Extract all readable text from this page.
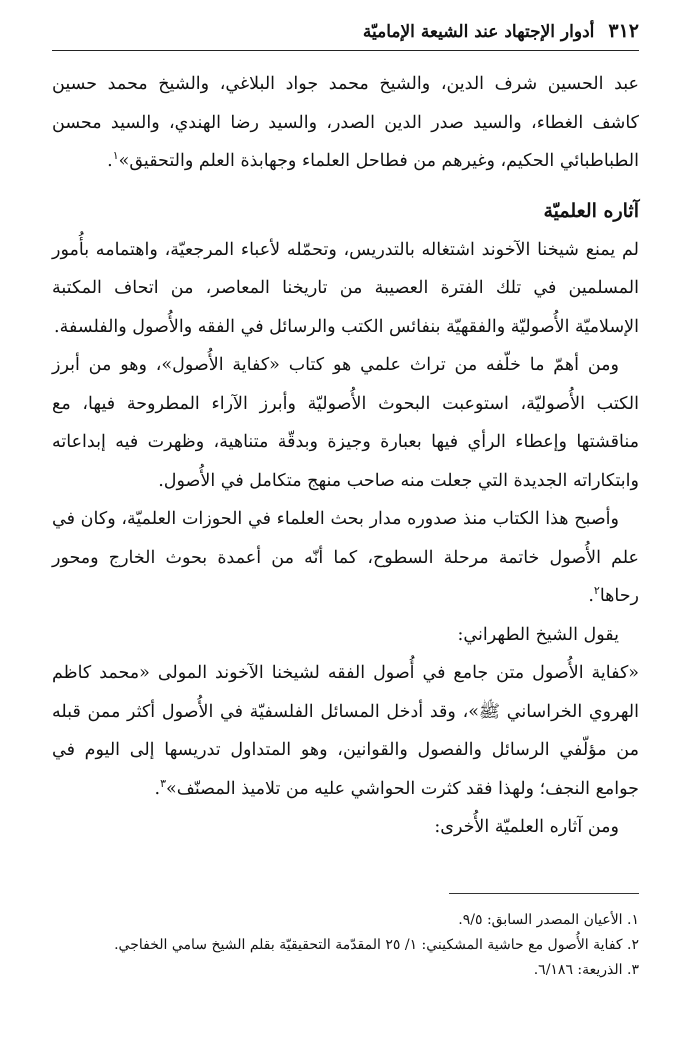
٣١٢
أدوار الإجتهاد عند الشيعة الإماميّة

عبد الحسين شرف الدين، والشيخ محمد جواد البلاغي، والشيخ محمد حسين كاشف الغطاء، والسيد صدر الدين الصدر، والسيد رضا الهندي، والسيد محسن الطباطبائي الحكيم، وغيرهم من فطاحل العلماء وجهابذة العلم والتحقيق»$^١$.

آثاره العلميّة

لم يمنع شيخنا الآخوند اشتغاله بالتدريس، وتحمّله لأعباء المرجعيّة، واهتمامه بأُمور المسلمين في تلك الفترة العصيبة من تاريخنا المعاصر، من اتحاف المكتبة الإسلاميّة الأُصوليّة والفقهيّة بنفائس الكتب والرسائل في الفقه والأُصول والفلسفة.

ومن أهمّ ما خلّفه من تراث علمي هو كتاب «كفاية الأُصول»، وهو من أبرز الكتب الأُصوليّة، استوعبت البحوث الأُصوليّة وأبرز الآراء المطروحة فيها، مع مناقشتها وإعطاء الرأي فيها بعبارة وجيزة وبدقّة متناهية، وظهرت فيه إبداعاته وابتكاراته الجديدة التي جعلت منه صاحب منهج متكامل في الأُصول.

وأصبح هذا الكتاب منذ صدوره مدار بحث العلماء في الحوزات العلميّة، وكان في علم الأُصول خاتمة مرحلة السطوح، كما أنّه من أعمدة بحوث الخارج ومحور رحاها$^٢$.

يقول الشيخ الطهراني:

«كفاية الأُصول متن جامع في أُصول الفقه لشيخنا الآخوند المولى «محمد كاظم الهروي الخراساني ﷺ»، وقد أدخل المسائل الفلسفيّة في الأُصول أكثر ممن قبله من مؤلّفي الرسائل والفصول والقوانين، وهو المتداول تدريسها إلى اليوم في جوامع النجف؛ ولهذا فقد كثرت الحواشي عليه من تلاميذ المصنّف»$^٣$.

ومن آثاره العلميّة الأُخرى:

١. الأعيان المصدر السابق: ٩/٥.
٢. كفاية الأُصول مع حاشية المشكيني: ١/ ٢٥ المقدّمة التحقيقيّة بقلم الشيخ سامي الخفاجي.
٣. الذريعة: ٦/١٨٦.
